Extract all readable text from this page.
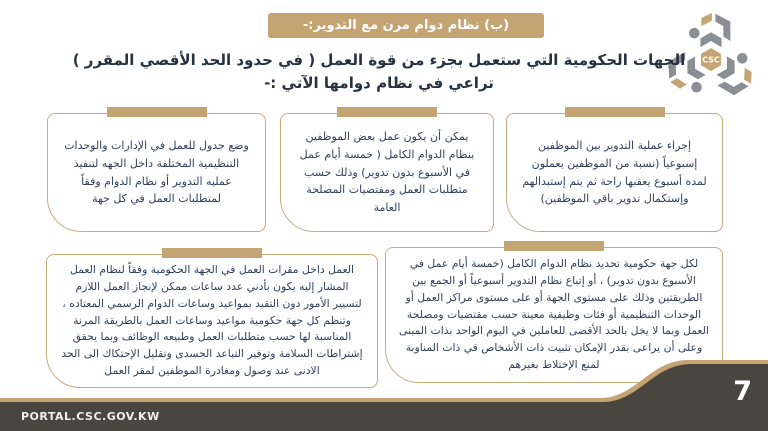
(ب) نظام دوام مرن مع التدوير:-
CSC
الجهات الحكومية التي ستعمل بجزء من قوة العمل ( في حدود الحد الأقصي المقرر )
تراعي في نظام دوامها الآتي :-

إجراء عملية التدوير بين الموظفين إسبوعياً (نسبة من الموظفين يعملون لمده أسبوع يعقبها راحة ثم يتم إستبدالهم وإستكمال تدوير باقي الموظفين)

يمكن أن يكون عمل بعض الموظفين بنظام الدوام الكامل ( خمسة أيام عمل في الأسبوع بدون تدوير) وذلك حسب متطلبات العمل ومقتضيات المصلحة العامة

وضع جدول للعمل في الإدارات والوحدات التنظيمية المختلفة داخل الجهه لتنفيذ عمليه التدوير أو نظام الدوام وفقاً لمتطلبات العمل في كل جهة

لكل جهة حكومية تحديد نظام الدوام الكامل (خمسة أيام عمل في الأسبوع بدون تدوير) ، أو إتباع نظام التدوير أسبوعياً أو الجمع بين الطريقتين وذلك على مستوى الجهة أو على مستوى مراكز العمل أو الوحدات التنظيمية أو فئات وظيفية معينة حسب مقتضيات ومصلحة العمل وبما لا يخل بالحد الأقصى للعاملين في اليوم الواحد بذات المبنى وعلى أن يراعى بقدر الإمكان تثبيت ذات الأشخاص في ذات المناوبة لمنع الإختلاط بغيرهم

العمل داخل مقرات العمل في الجهة الحكومية وفقاً لنظام العمل المشار إليه يكون بأدني عدد ساعات ممكن لإنجاز العمل اللازم لتسيير الأمور دون التقيد بمواعيد وساعات الدوام الرسمي المعتاده ، وتنظم كل جهة حكومية مواعيد وساعات العمل بالطريقة المرنة المناسبة لها حسب متطلبات العمل وطبيعه الوظائف وبما يحقق إشتراطات السلامة وتوفير التباعد الجسدى وتقليل الإحتكاك الى الحد الادنى عند وصول ومغادرة الموظفين لمقر العمل

PORTAL.CSC.GOV.KW
7
